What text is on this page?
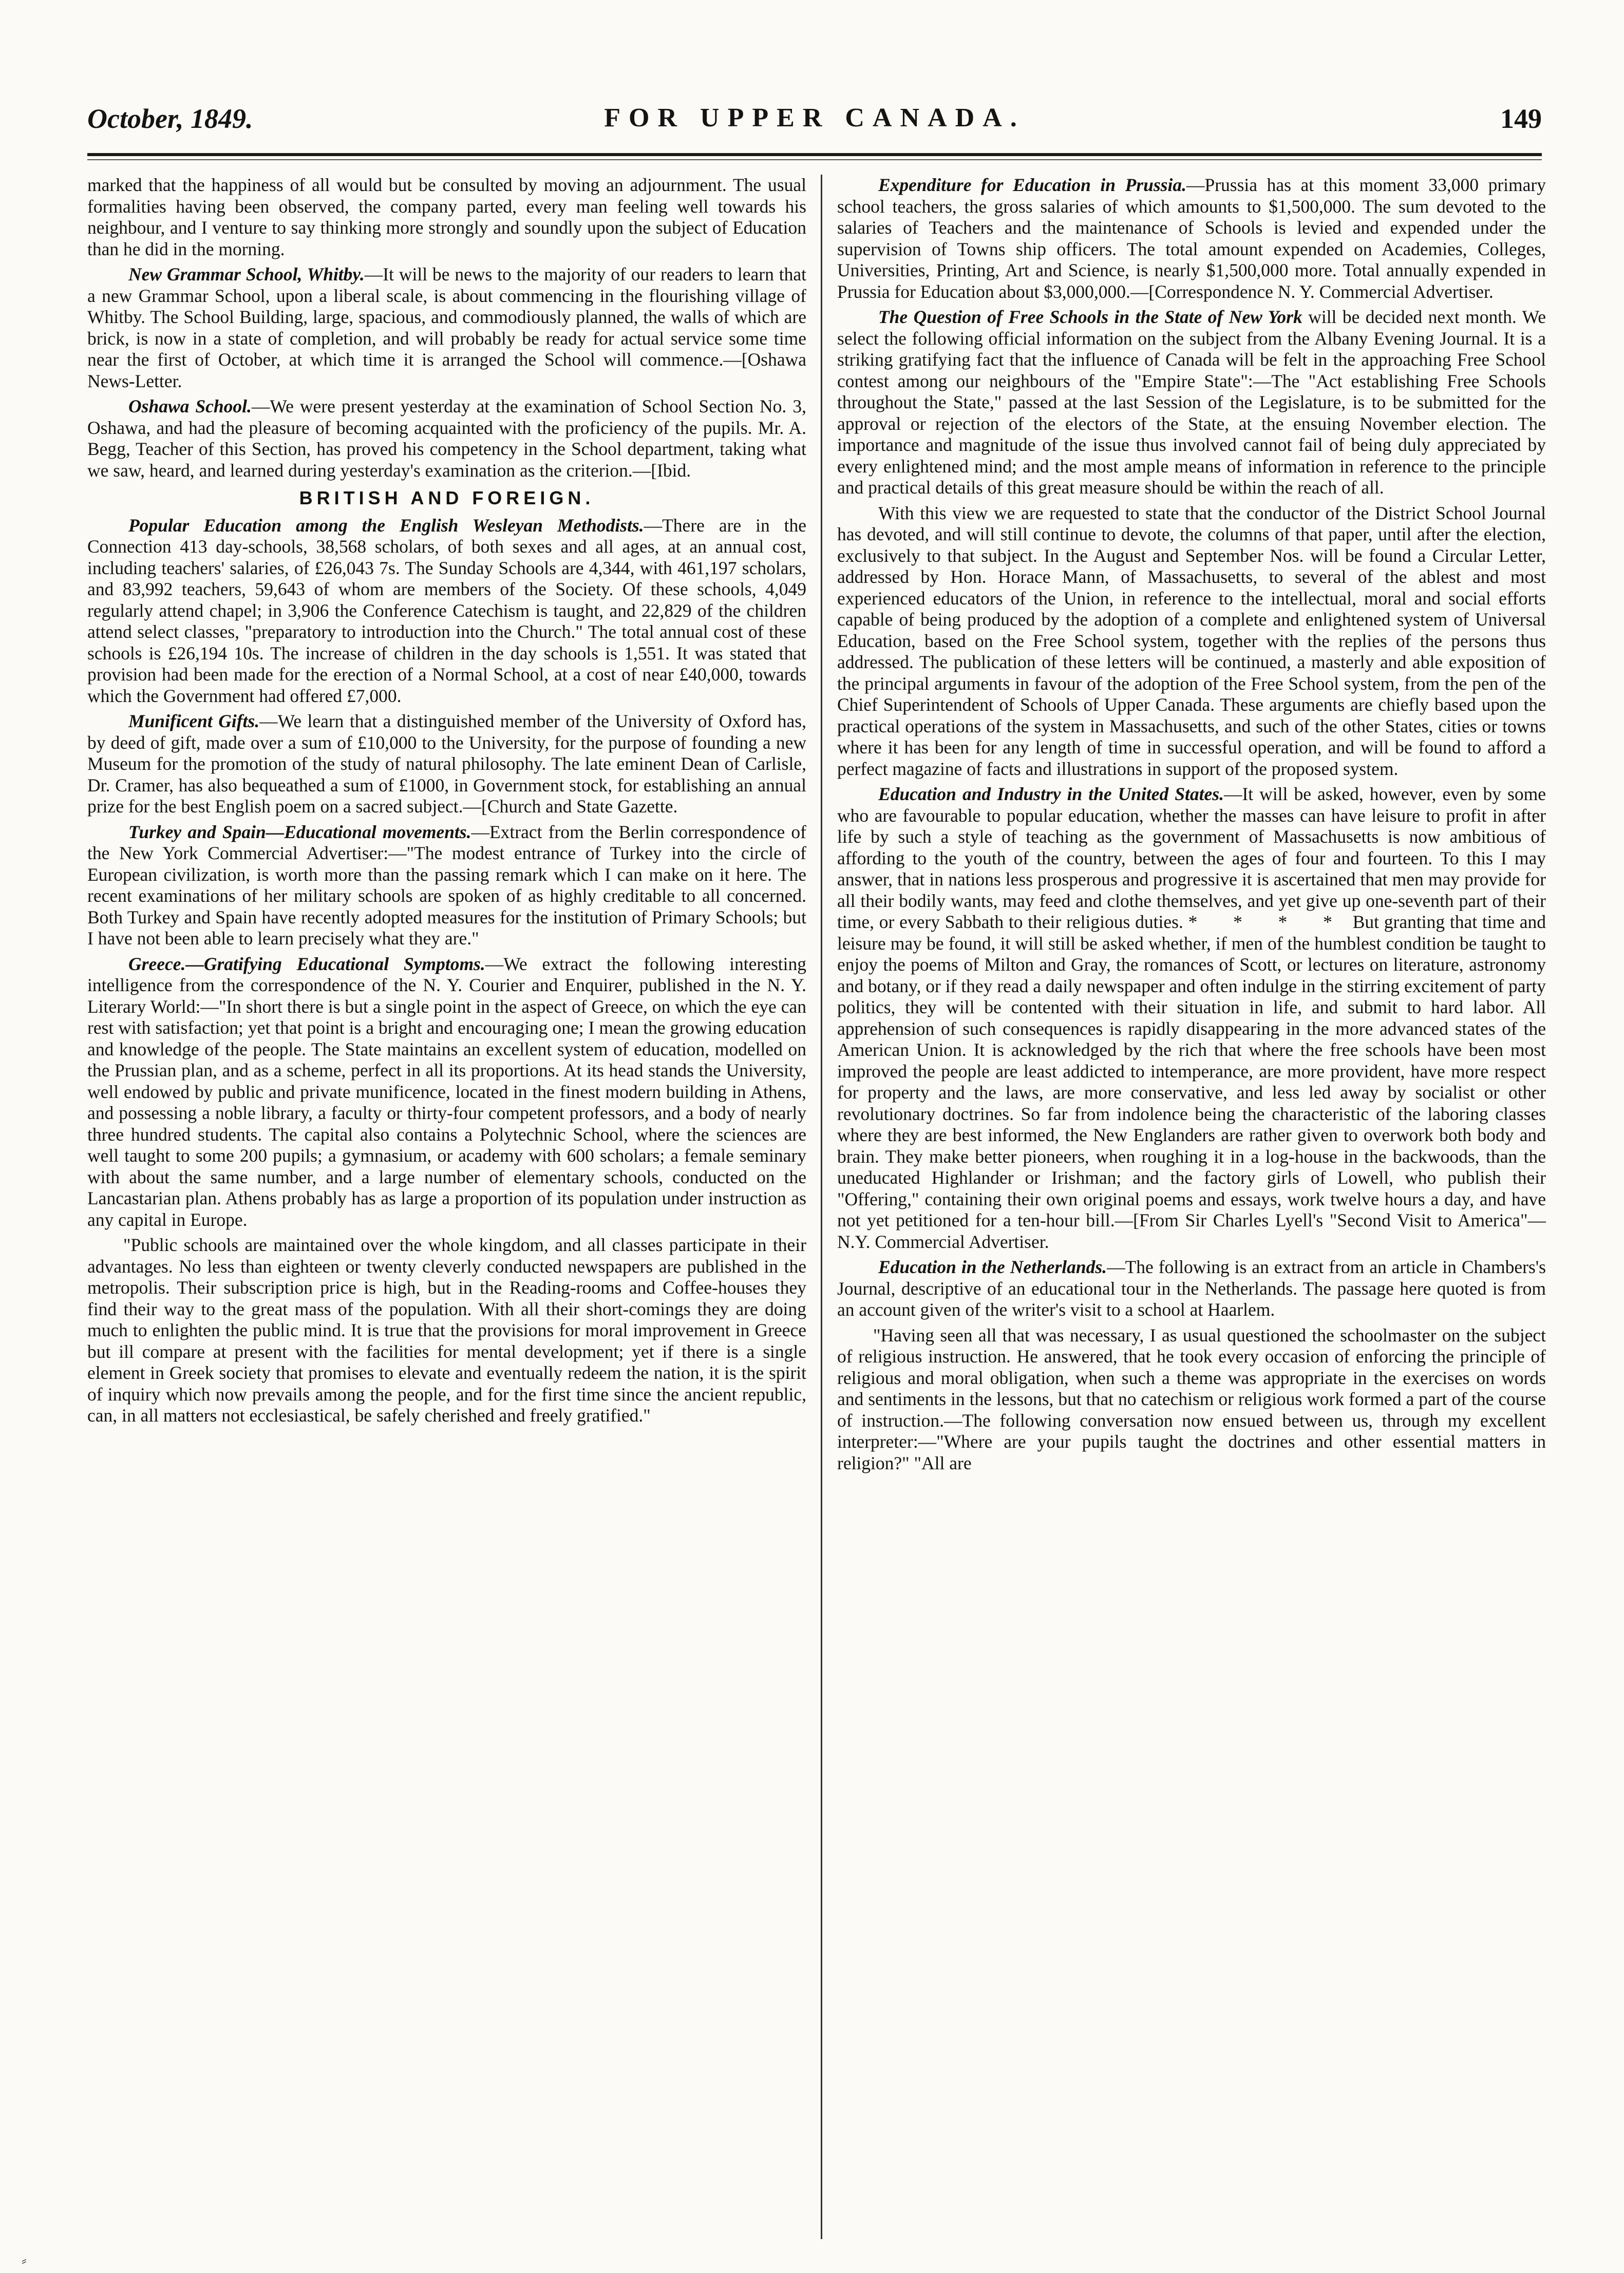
October, 1849.	FOR UPPER CANADA.	149

marked that the happiness of all would but be consulted by moving an adjournment. The usual formalities having been observed, the company parted, every man feeling well towards his neighbour, and I venture to say thinking more strongly and soundly upon the subject of Education than he did in the morning.

New Grammar School, Whitby.—It will be news to the majority of our readers to learn that a new Grammar School, upon a liberal scale, is about commencing in the flourishing village of Whitby. The School Building, large, spacious, and commodiously planned, the walls of which are brick, is now in a state of completion, and will probably be ready for actual service some time near the first of October, at which time it is arranged the School will commence.—[Oshawa News-Letter.

Oshawa School.—We were present yesterday at the examination of School Section No. 3, Oshawa, and had the pleasure of becoming acquainted with the proficiency of the pupils. Mr. A. Begg, Teacher of this Section, has proved his competency in the School department, taking what we saw, heard, and learned during yesterday's examination as the criterion.—[Ibid.

BRITISH AND FOREIGN.

Popular Education among the English Wesleyan Methodists.—There are in the Connection 413 day-schools, 38,568 scholars, of both sexes and all ages, at an annual cost, including teachers' salaries, of £26,043 7s. The Sunday Schools are 4,344, with 461,197 scholars, and 83,992 teachers, 59,643 of whom are members of the Society. Of these schools, 4,049 regularly attend chapel; in 3,906 the Conference Catechism is taught, and 22,829 of the children attend select classes, "preparatory to introduction into the Church." The total annual cost of these schools is £26,194 10s. The increase of children in the day schools is 1,551. It was stated that provision had been made for the erection of a Normal School, at a cost of near £40,000, towards which the Government had offered £7,000.

Munificent Gifts.—We learn that a distinguished member of the University of Oxford has, by deed of gift, made over a sum of £10,000 to the University, for the purpose of founding a new Museum for the promotion of the study of natural philosophy. The late eminent Dean of Carlisle, Dr. Cramer, has also bequeathed a sum of £1000, in Government stock, for establishing an annual prize for the best English poem on a sacred subject.—[Church and State Gazette.

Turkey and Spain—Educational movements.—Extract from the Berlin correspondence of the New York Commercial Advertiser:—"The modest entrance of Turkey into the circle of European civilization, is worth more than the passing remark which I can make on it here. The recent examinations of her military schools are spoken of as highly creditable to all concerned. Both Turkey and Spain have recently adopted measures for the institution of Primary Schools; but I have not been able to learn precisely what they are."

Greece.—Gratifying Educational Symptoms.—We extract the following interesting intelligence from the correspondence of the N. Y. Courier and Enquirer, published in the N. Y. Literary World:—"In short there is but a single point in the aspect of Greece, on which the eye can rest with satisfaction; yet that point is a bright and encouraging one; I mean the growing education and knowledge of the people. The State maintains an excellent system of education, modelled on the Prussian plan, and as a scheme, perfect in all its proportions. At its head stands the University, well endowed by public and private munificence, located in the finest modern building in Athens, and possessing a noble library, a faculty or thirty-four competent professors, and a body of nearly three hundred students. The capital also contains a Polytechnic School, where the sciences are well taught to some 200 pupils; a gymnasium, or academy with 600 scholars; a female seminary with about the same number, and a large number of elementary schools, conducted on the Lancastarian plan. Athens probably has as large a proportion of its population under instruction as any capital in Europe.

"Public schools are maintained over the whole kingdom, and all classes participate in their advantages. No less than eighteen or twenty cleverly conducted newspapers are published in the metropolis. Their subscription price is high, but in the Reading-rooms and Coffee-houses they find their way to the great mass of the population. With all their short-comings they are doing much to enlighten the public mind. It is true that the provisions for moral improvement in Greece but ill compare at present with the facilities for mental development; yet if there is a single element in Greek society that promises to elevate and eventually redeem the nation, it is the spirit of inquiry which now prevails among the people, and for the first time since the ancient republic, can, in all matters not ecclesiastical, be safely cherished and freely gratified."

Expenditure for Education in Prussia.—Prussia has at this moment 33,000 primary school teachers, the gross salaries of which amounts to $1,500,000. The sum devoted to the salaries of Teachers and the maintenance of Schools is levied and expended under the supervision of Towns ship officers. The total amount expended on Academies, Colleges, Universities, Printing, Art and Science, is nearly $1,500,000 more. Total annually expended in Prussia for Education about $3,000,000.—[Correspondence N. Y. Commercial Advertiser.

The Question of Free Schools in the State of New York will be decided next month. We select the following official information on the subject from the Albany Evening Journal. It is a striking gratifying fact that the influence of Canada will be felt in the approaching Free School contest among our neighbours of the "Empire State":—The "Act establishing Free Schools throughout the State," passed at the last Session of the Legislature, is to be submitted for the approval or rejection of the electors of the State, at the ensuing November election. The importance and magnitude of the issue thus involved cannot fail of being duly appreciated by every enlightened mind; and the most ample means of information in reference to the principle and practical details of this great measure should be within the reach of all.

With this view we are requested to state that the conductor of the District School Journal has devoted, and will still continue to devote, the columns of that paper, until after the election, exclusively to that subject. In the August and September Nos. will be found a Circular Letter, addressed by Hon. Horace Mann, of Massachusetts, to several of the ablest and most experienced educators of the Union, in reference to the intellectual, moral and social efforts capable of being produced by the adoption of a complete and enlightened system of Universal Education, based on the Free School system, together with the replies of the persons thus addressed. The publication of these letters will be continued, a masterly and able exposition of the principal arguments in favour of the adoption of the Free School system, from the pen of the Chief Superintendent of Schools of Upper Canada. These arguments are chiefly based upon the practical operations of the system in Massachusetts, and such of the other States, cities or towns where it has been for any length of time in successful operation, and will be found to afford a perfect magazine of facts and illustrations in support of the proposed system.

Education and Industry in the United States.—It will be asked, however, even by some who are favourable to popular education, whether the masses can have leisure to profit in after life by such a style of teaching as the government of Massachusetts is now ambitious of affording to the youth of the country, between the ages of four and fourteen. To this I may answer, that in nations less prosperous and progressive it is ascertained that men may provide for all their bodily wants, may feed and clothe themselves, and yet give up one-seventh part of their time, or every Sabbath to their religious duties. * * * * But granting that time and leisure may be found, it will still be asked whether, if men of the humblest condition be taught to enjoy the poems of Milton and Gray, the romances of Scott, or lectures on literature, astronomy and botany, or if they read a daily newspaper and often indulge in the stirring excitement of party politics, they will be contented with their situation in life, and submit to hard labor. All apprehension of such consequences is rapidly disappearing in the more advanced states of the American Union. It is acknowledged by the rich that where the free schools have been most improved the people are least addicted to intemperance, are more provident, have more respect for property and the laws, are more conservative, and less led away by socialist or other revolutionary doctrines. So far from indolence being the characteristic of the laboring classes where they are best informed, the New Englanders are rather given to overwork both body and brain. They make better pioneers, when roughing it in a log-house in the backwoods, than the uneducated Highlander or Irishman; and the factory girls of Lowell, who publish their "Offering," containing their own original poems and essays, work twelve hours a day, and have not yet petitioned for a ten-hour bill.—[From Sir Charles Lyell's "Second Visit to America"—N.Y. Commercial Advertiser.

Education in the Netherlands.—The following is an extract from an article in Chambers's Journal, descriptive of an educational tour in the Netherlands. The passage here quoted is from an account given of the writer's visit to a school at Haarlem.

"Having seen all that was necessary, I as usual questioned the schoolmaster on the subject of religious instruction. He answered, that he took every occasion of enforcing the principle of religious and moral obligation, when such a theme was appropriate in the exercises on words and sentiments in the lessons, but that no catechism or religious work formed a part of the course of instruction.—The following conversation now ensued between us, through my excellent interpreter:—"Where are your pupils taught the doctrines and other essential matters in religion?" "All are

⸗
